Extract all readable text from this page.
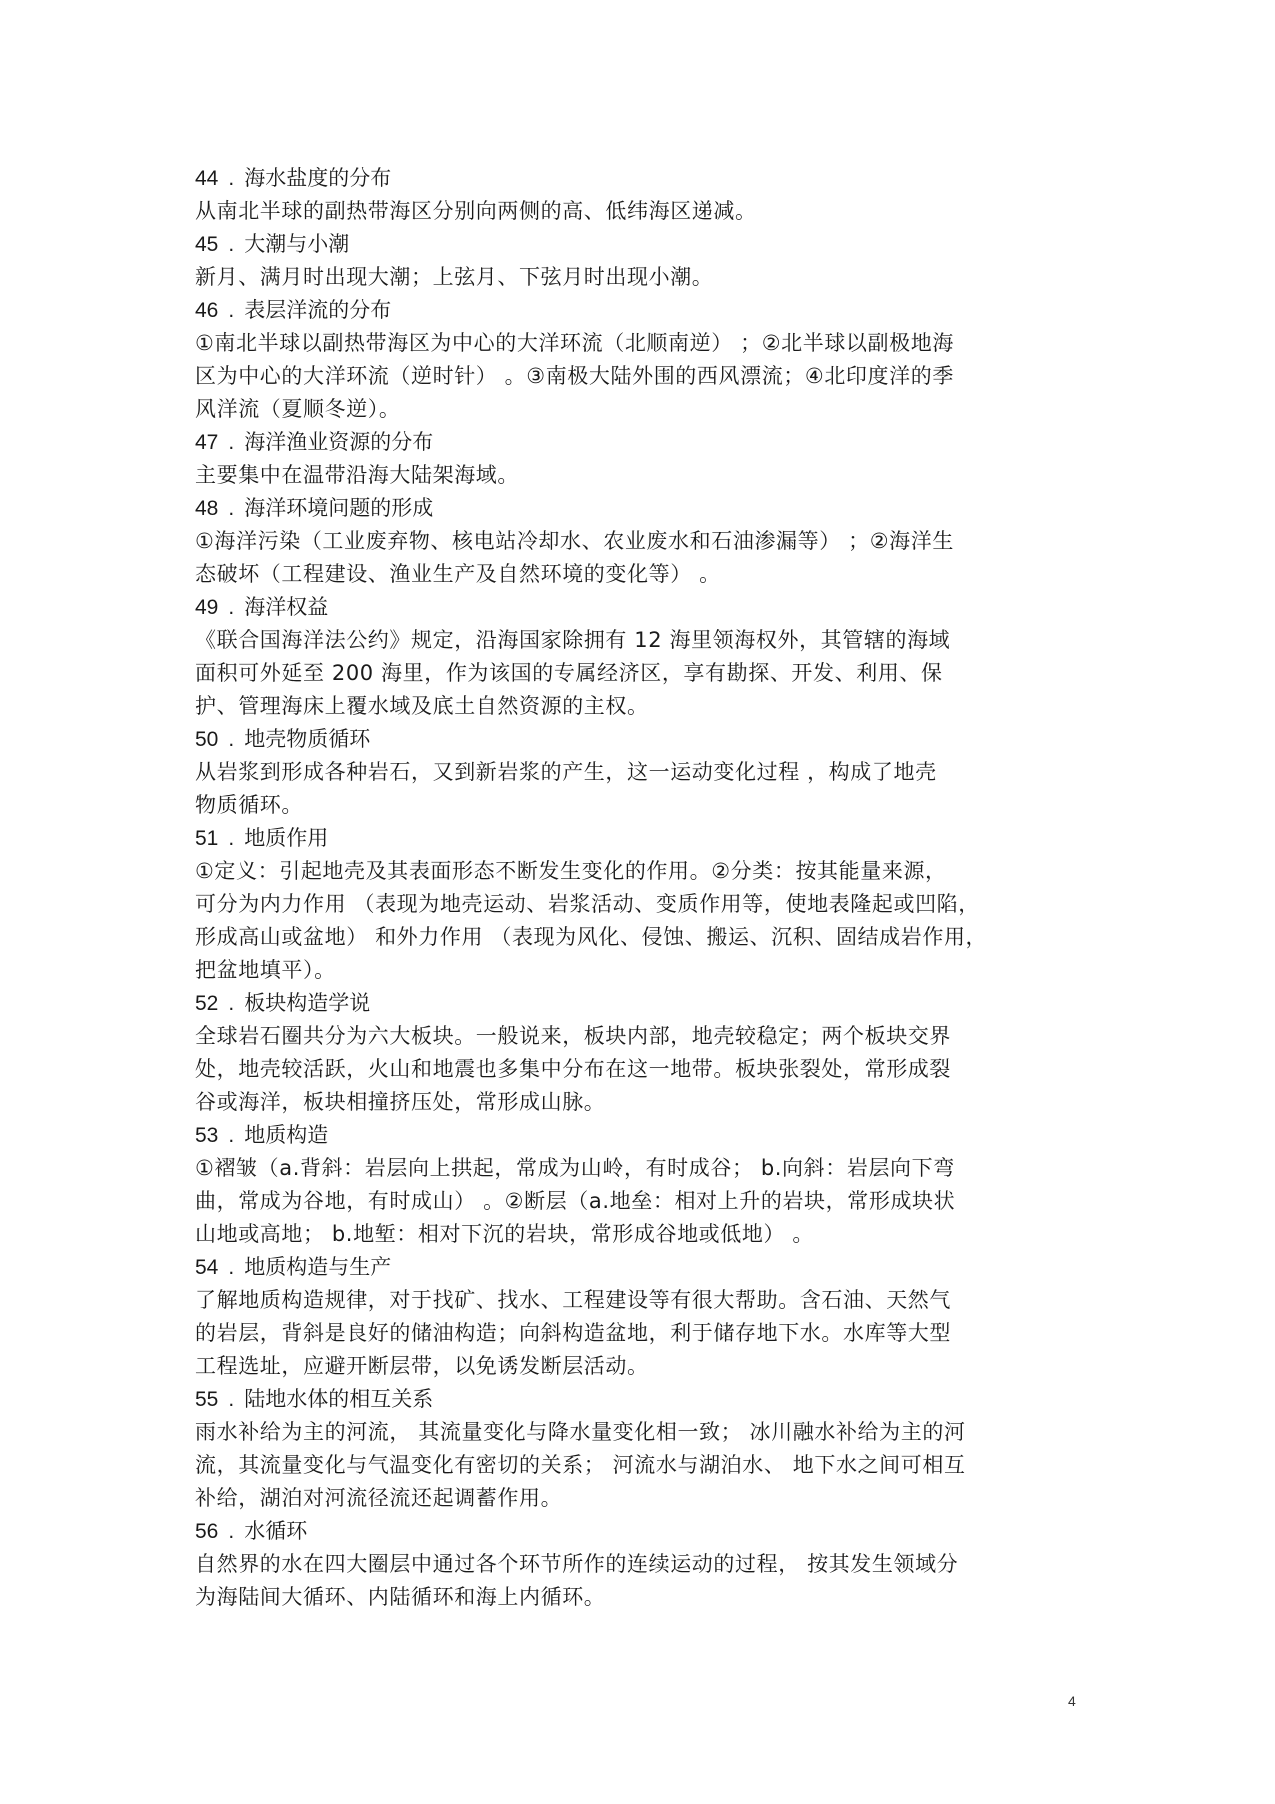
44 . 海水盐度的分布
从南北半球的副热带海区分别向两侧的高、低纬海区递减。
45 . 大潮与小潮
新月、满月时出现大潮；上弦月、下弦月时出现小潮。
46 . 表层洋流的分布
①南北半球以副热带海区为中心的大洋环流（北顺南逆） ；②北半球以副极地海
区为中心的大洋环流（逆时针） 。③南极大陆外围的西风漂流；④北印度洋的季
风洋流（夏顺冬逆）。
47 . 海洋渔业资源的分布
主要集中在温带沿海大陆架海域。
48 . 海洋环境问题的形成
①海洋污染（工业废弃物、核电站冷却水、农业废水和石油渗漏等） ；②海洋生
态破坏（工程建设、渔业生产及自然环境的变化等） 。
49 . 海洋权益
《联合国海洋法公约》规定，沿海国家除拥有 12 海里领海权外，其管辖的海域
面积可外延至 200 海里，作为该国的专属经济区，享有勘探、开发、利用、保
护、管理海床上覆水域及底土自然资源的主权。
50 . 地壳物质循环
从岩浆到形成各种岩石，又到新岩浆的产生，这一运动变化过程 ，构成了地壳
物质循环。
51 . 地质作用
①定义：引起地壳及其表面形态不断发生变化的作用。②分类：按其能量来源，
可分为内力作用 （表现为地壳运动、岩浆活动、变质作用等，使地表隆起或凹陷，
形成高山或盆地） 和外力作用 （表现为风化、侵蚀、搬运、沉积、固结成岩作用，
把盆地填平）。
52 . 板块构造学说
全球岩石圈共分为六大板块。一般说来，板块内部，地壳较稳定；两个板块交界
处，地壳较活跃，火山和地震也多集中分布在这一地带。板块张裂处，常形成裂
谷或海洋，板块相撞挤压处，常形成山脉。
53 . 地质构造
①褶皱（a.背斜：岩层向上拱起，常成为山岭，有时成谷； b.向斜：岩层向下弯
曲，常成为谷地，有时成山） 。②断层（a.地垒：相对上升的岩块，常形成块状
山地或高地； b.地堑：相对下沉的岩块，常形成谷地或低地） 。
54 . 地质构造与生产
了解地质构造规律，对于找矿、找水、工程建设等有很大帮助。含石油、天然气
的岩层，背斜是良好的储油构造；向斜构造盆地，利于储存地下水。水库等大型
工程选址，应避开断层带，以免诱发断层活动。
55 . 陆地水体的相互关系
雨水补给为主的河流， 其流量变化与降水量变化相一致； 冰川融水补给为主的河
流，其流量变化与气温变化有密切的关系； 河流水与湖泊水、 地下水之间可相互
补给，湖泊对河流径流还起调蓄作用。
56 . 水循环
自然界的水在四大圈层中通过各个环节所作的连续运动的过程， 按其发生领域分
为海陆间大循环、内陆循环和海上内循环。
4
